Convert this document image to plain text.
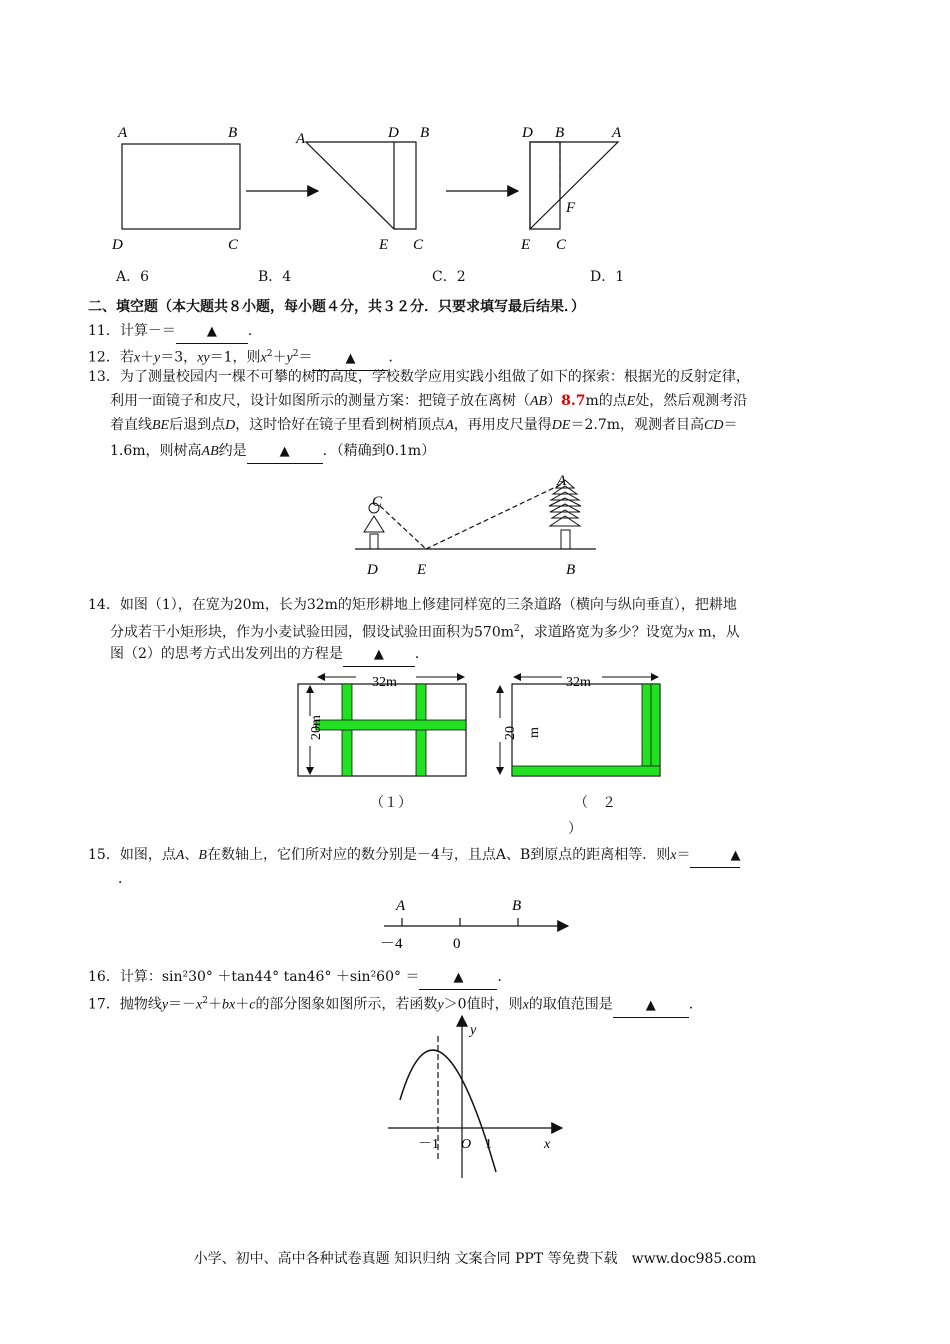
A	B
D	C
A	D B
E C
D B	A
F
E C
A．6	B．4	C．2	D．1
二、填空题（本大题共８小题，每小题４分，共３２分．只要求填写最后结果．）
11．计算－＝ ▲ ．
12．若x＋y＝3，xy＝1，则$x^2+y^2=$	▲ ．
13．为了测量校园内一棵不可攀的树的高度，学校数学应用实践小组做了如下的探索：根据光的反射定律，
利用一面镜子和皮尺，设计如图所示的测量方案：把镜子放在离树（AB）8.7m的点E处，然后观测考沿
着直线BE后退到点D，这时恰好在镜子里看到树梢顶点A，再用皮尺量得DE＝2.7m，观测者目高CD＝
1.6m，则树高AB约是	▲ ．（精确到0.1m）
C
A
D	E	B
14．如图（1），在宽为20m，长为32m的矩形耕地上修建同样宽的三条道路（横向与纵向垂直），把耕地
分成若干小矩形块，作为小麦试验田园，假设试验田面积为$570m^2$，求道路宽为多少？设宽为x m，从
图（2）的思考方式出发列出的方程是 ▲ ．
32m
20m
（１）
32m
20 m
（　２
）
15．如图，点A、B在数轴上，它们所对应的数分别是－4与，且点A、B到原点的距离相等．则x＝	▲
．
A	B
－4	0
16．计算：sin²30° ＋tan44° tan46° ＋sin²60° ＝	▲ ．
17．抛物线$y=-x^2+bx+c$的部分图象如图所示，若函数y＞0值时，则x的取值范围是	▲ ．
y
x
O
－1	1
小学、初中、高中各种试卷真题 知识归纳 文案合同 PPT 等免费下载　www.doc985.com
